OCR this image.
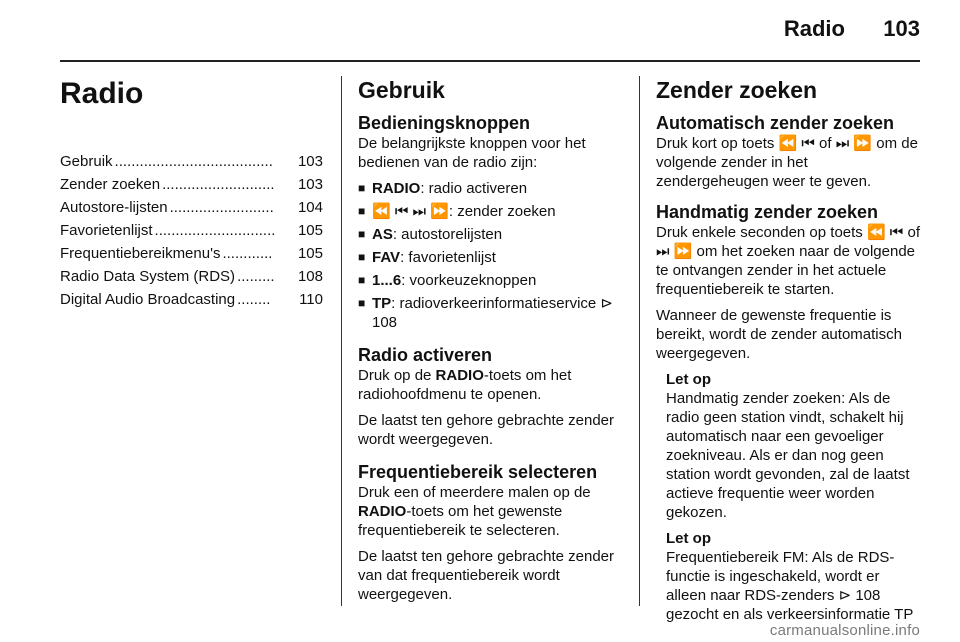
Radio 103
Radio
Gebruik ......................................	103
Zender zoeken ...........................	103
Autostore-lijsten .........................	104
Favorietenlijst .............................	105
Frequentiebereikmenu's ............	105
Radio Data System (RDS) .........	108
Digital Audio Broadcasting ........	110
Gebruik
Bedieningsknoppen

De belangrijkste knoppen voor het bedienen van de radio zijn:

■ RADIO: radio activeren
■ ⏪ ⏮ ⏭ ⏩: zender zoeken
■ AS: autostorelijsten
■ FAV: favorietenlijst
■ 1...6: voorkeuzeknoppen
■ TP: radioverkeerinformatieservice ⊳ 108
Radio activeren

Druk op de RADIO-toets om het radiohoofdmenu te openen.

De laatst ten gehore gebrachte zender wordt weergegeven.

Frequentiebereik selecteren

Druk een of meerdere malen op de RADIO-toets om het gewenste frequentiebereik te selecteren.

De laatst ten gehore gebrachte zender van dat frequentiebereik wordt weergegeven.

Zender zoeken
Automatisch zender zoeken

Druk kort op toets ⏪ ⏮ of ⏭ ⏩ om de volgende zender in het zendergeheugen weer te geven.

Handmatig zender zoeken

Druk enkele seconden op toets ⏪ ⏮ of ⏭ ⏩ om het zoeken naar de volgende te ontvangen zender in het actuele frequentiebereik te starten.

Wanneer de gewenste frequentie is bereikt, wordt de zender automatisch weergegeven.

Let op
Handmatig zender zoeken: Als de radio geen station vindt, schakelt hij automatisch naar een gevoeliger zoekniveau. Als er dan nog geen station wordt gevonden, zal de laatst actieve frequentie weer worden gekozen.
Let op
Frequentiebereik FM: Als de RDS-functie is ingeschakeld, wordt er alleen naar RDS-zenders ⊳ 108 gezocht en als verkeersinformatie TP
carmanualsonline.info
